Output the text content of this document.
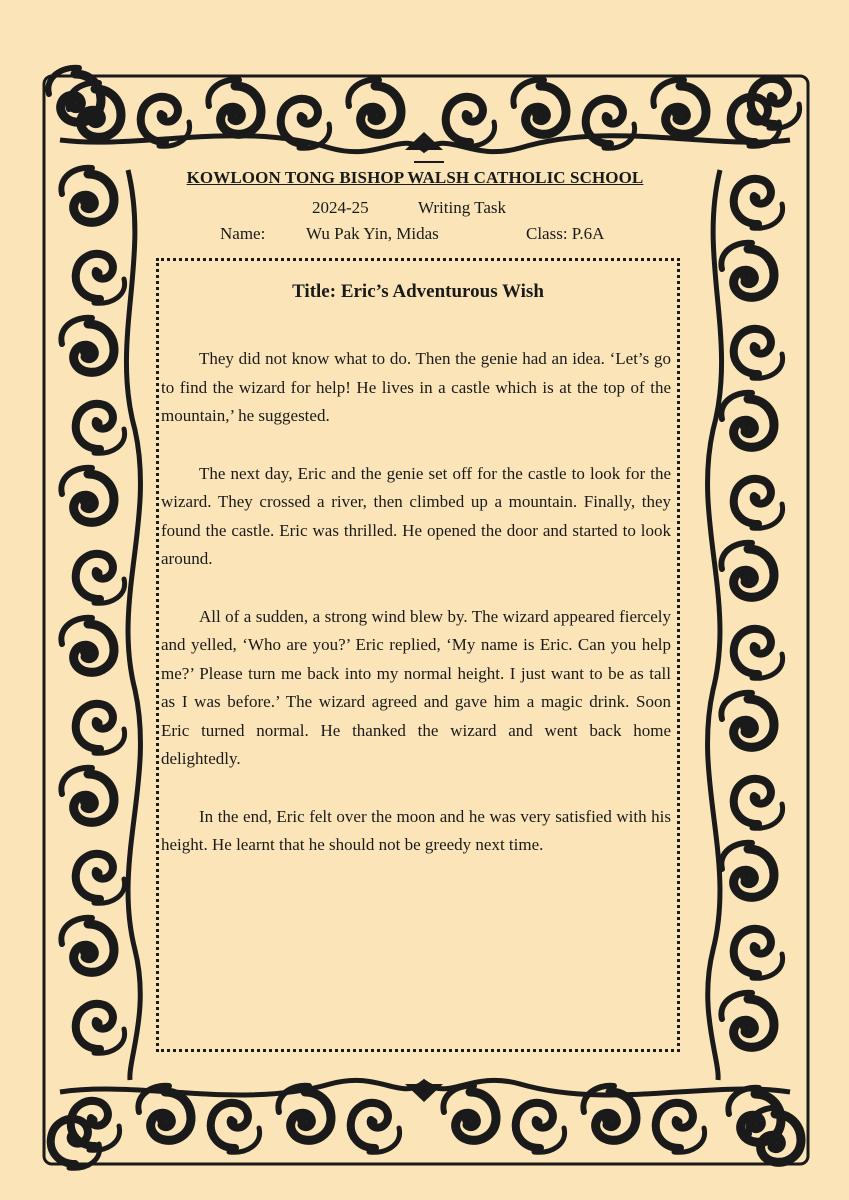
KOWLOON TONG BISHOP WALSH CATHOLIC SCHOOL
2024-25	Writing Task
Name: Wu Pak Yin, Midas	Class: P.6A
Title: Eric’s Adventurous Wish

They did not know what to do. Then the genie had an idea. ‘Let’s go to find the wizard for help! He lives in a castle which is at the top of the mountain,’ he suggested.

The next day, Eric and the genie set off for the castle to look for the wizard. They crossed a river, then climbed up a mountain. Finally, they found the castle. Eric was thrilled. He opened the door and started to look around.

All of a sudden, a strong wind blew by. The wizard appeared fiercely and yelled, ‘Who are you?’ Eric replied, ‘My name is Eric. Can you help me?’ Please turn me back into my normal height. I just want to be as tall as I was before.’ The wizard agreed and gave him a magic drink. Soon Eric turned normal. He thanked the wizard and went back home delightedly.

In the end, Eric felt over the moon and he was very satisfied with his height. He learnt that he should not be greedy next time.
